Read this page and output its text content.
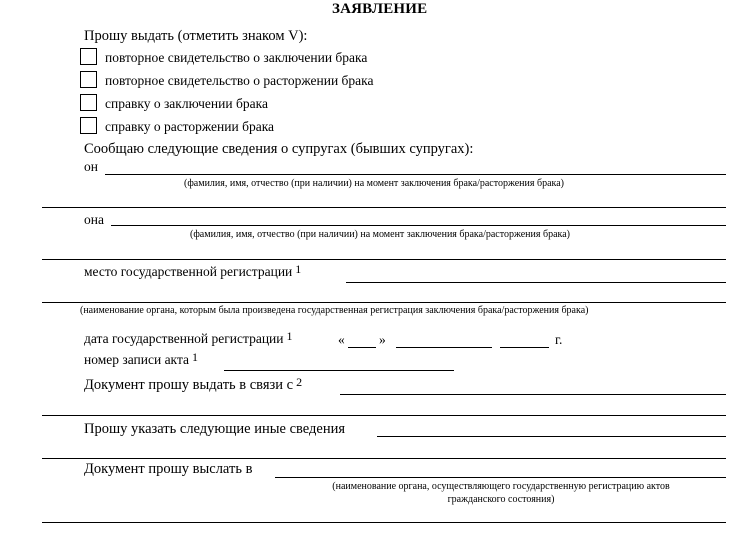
ЗАЯВЛЕНИЕ
Прошу выдать (отметить знаком V):
повторное свидетельство о заключении брака
повторное свидетельство о расторжении брака
справку о заключении брака
справку о расторжении брака
Сообщаю следующие сведения о супругах (бывших супругах):
он
(фамилия, имя, отчество (при наличии) на момент заключения брака/расторжения брака)
она
(фамилия, имя, отчество (при наличии) на момент заключения брака/расторжения брака)
место государственной регистрации $^1$
(наименование органа, которым была произведена государственная регистрация заключения брака/расторжения брака)
дата государственной регистрации $^1$	«	»	г.
номер записи акта $^1$
Документ прошу выдать в связи с $^2$
Прошу указать следующие иные сведения
Документ прошу выслать в
(наименование органа, осуществляющего государственную регистрацию актов
гражданского состояния)
